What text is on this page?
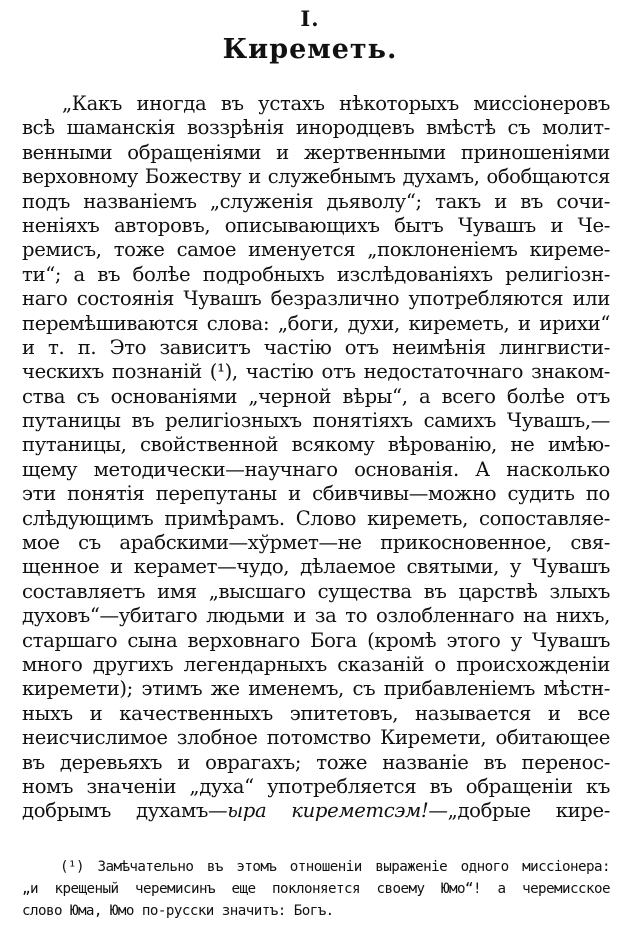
I.
Киреметь.
„Какъ иногда въ устахъ нѣкоторыхъ миссіонеровъ
всѣ шаманскія воззрѣнія инородцевъ вмѣстѣ съ молит-
венными обращеніями и жертвенными приношеніями
верховному Божеству и служебнымъ духамъ, обобщаются
подъ названіемъ „служенія дьяволу“; такъ и въ сочи-
неніяхъ авторовъ, описывающихъ бытъ Чувашъ и Че-
ремисъ, тоже самое именуется „поклоненіемъ киреме-
ти“; а въ болѣе подробныхъ изслѣдованіяхъ религіозн-
наго состоянія Чувашъ безразлично употребляются или
перемѣшиваются слова: „боги, духи, киреметь, и ирихи“
и т. п. Это зависитъ частію отъ неимѣнія лингвисти-
ческихъ познаній (¹), частію отъ недостаточнаго знаком-
ства съ основаніями „черной вѣры“, а всего болѣе отъ
путаницы въ религіозныхъ понятіяхъ самихъ Чувашъ,—
путаницы, свойственной всякому вѣрованію, не имѣю-
щему методически—научнаго основанія. А насколько
эти понятія перепутаны и сбивчивы—можно судить по
слѣдующимъ примѣрамъ. Слово киреметь, сопоставляе-
мое съ арабскими—хўрмет—не прикосновенное, свя-
щенное и керамет—чудо, дѣлаемое святыми, у Чувашъ
составляетъ имя „высшаго существа въ царствѣ злыхъ
духовъ“—убитаго людьми и за то озлобленнаго на нихъ,
старшаго сына верховнаго Бога (кромѣ этого у Чувашъ
много другихъ легендарныхъ сказаній о происхожденіи
киремети); этимъ же именемъ, съ прибавленіемъ мѣстн-
ныхъ и качественныхъ эпитетовъ, называется и все
неисчислимое злобное потомство Киремети, обитающее
въ деревьяхъ и оврагахъ; тоже названіе въ перенос-
номъ значеніи „духа“ употребляется въ обращеніи къ
добрымъ духамъ—ыра киреметсэм!—„добрые кире-
(¹) Замѣчательно въ этомъ отношеніи выраженіе одного миссіонера:
„и крещеный черемисинъ еще поклоняется своему Юмо“! а черемисское
слово Юма, Юмо по-русски значитъ: Богъ.
